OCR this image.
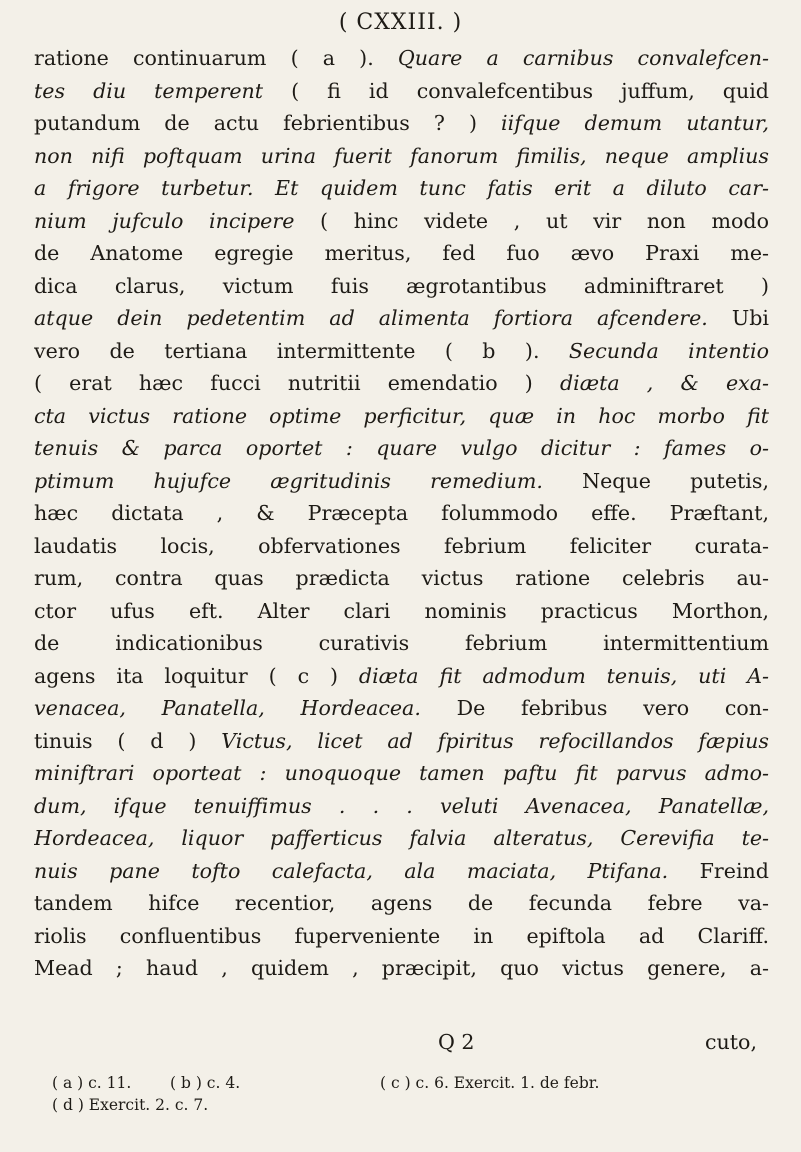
( CXXIII. )
ratione continuarum ( a ). Quare a carnibus convalefcen-
tes diu temperent ( fi id convalefcentibus juffum, quid
putandum de actu febrientibus ? ) iifque demum utantur,
non nifi poftquam urina fuerit fanorum fimilis, neque amplius
a frigore turbetur. Et quidem tunc fatis erit a diluto car-
nium jufculo incipere ( hinc videte , ut vir non modo
de Anatome egregie meritus, fed fuo ævo Praxi me-
dica clarus, victum fuis ægrotantibus adminiftraret )
atque dein pedetentim ad alimenta fortiora afcendere. Ubi
vero de tertiana intermittente ( b ). Secunda intentio
( erat hæc fucci nutritii emendatio ) diæta , & exa-
cta victus ratione optime perficitur, quæ in hoc morbo fit
tenuis & parca oportet : quare vulgo dicitur : fames o-
ptimum hujufce ægritudinis remedium. Neque putetis,
hæc dictata , & Præcepta folummodo effe. Præftant,
laudatis locis, obfervationes febrium feliciter curata-
rum, contra quas prædicta victus ratione celebris au-
ctor ufus eft. Alter clari nominis practicus Morthon,
de indicationibus curativis febrium intermittentium
agens ita loquitur ( c ) diæta fit admodum tenuis, uti A-
venacea, Panatella, Hordeacea. De febribus vero con-
tinuis ( d ) Victus, licet ad fpiritus refocillandos fæpius
miniftrari oporteat : unoquoque tamen paftu fit parvus admo-
dum, ifque tenuiffimus . . . veluti Avenacea, Panatellæ,
Hordeacea, liquor pafferticus falvia alteratus, Cerevifia te-
nuis pane tofto calefacta, ala maciata, Ptifana. Freind
tandem hifce recentior, agens de fecunda febre va-
riolis confluentibus fuperveniente in epiftola ad Clariff.
Mead ; haud , quidem , præcipit, quo victus genere, a-
Q 2	cuto,
( a ) c. 11.	( b ) c. 4.	( c ) c. 6. Exercit. 1. de febr.
( d ) Exercit. 2. c. 7.
